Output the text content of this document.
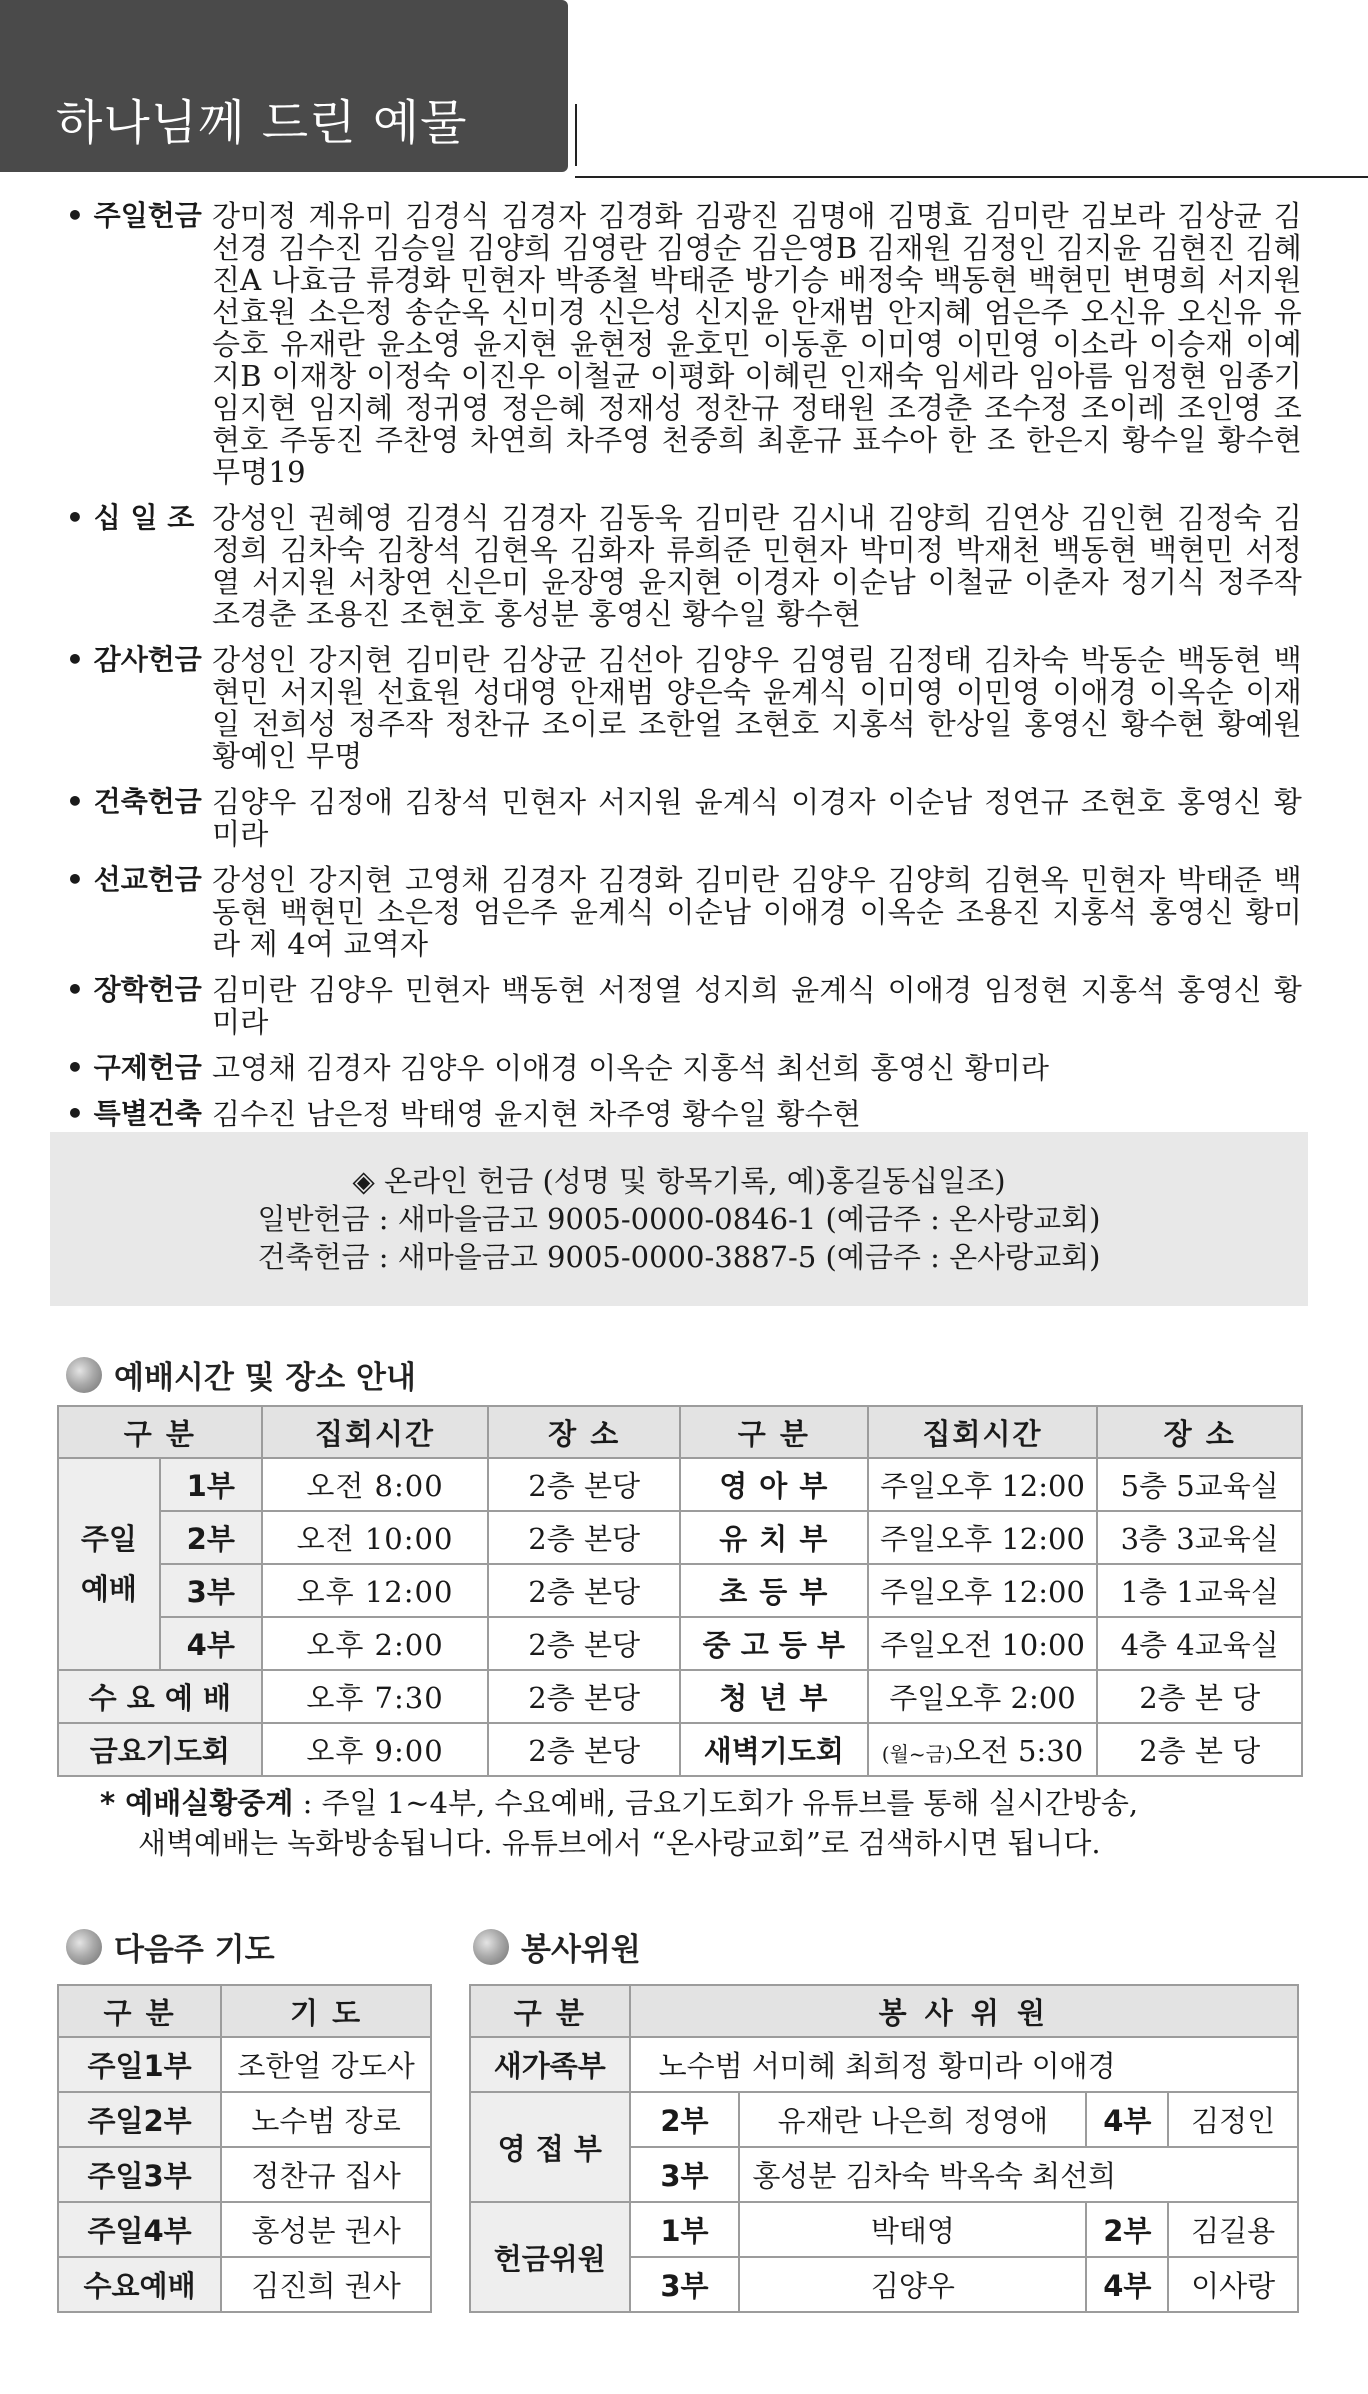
하나님께 드린 예물
• 주일헌금 강미정 계유미 김경식 김경자 김경화 김광진 김명애 김명효 김미란 김보라 김상균 김선경 김수진 김승일 김양희 김영란 김영순 김은영B 김재원 김정인 김지윤 김현진 김혜진A 나효금 류경화 민현자 박종철 박태준 방기승 배정숙 백동현 백현민 변명희 서지원 선효원 소은정 송순옥 신미경 신은성 신지윤 안재범 안지혜 엄은주 오신유 오신유 유승호 유재란 윤소영 윤지현 윤현정 윤호민 이동훈 이미영 이민영 이소라 이승재 이예지B 이재창 이정숙 이진우 이철균 이평화 이혜린 인재숙 임세라 임아름 임정현 임종기 임지현 임지혜 정귀영 정은혜 정재성 정찬규 정태원 조경춘 조수정 조이레 조인영 조현호 주동진 주찬영 차연희 차주영 천중희 최훈규 표수아 한 조 한은지 황수일 황수현 무명19
• 십 일 조 강성인 권혜영 김경식 김경자 김동욱 김미란 김시내 김양희 김연상 김인현 김정숙 김정희 김차숙 김창석 김현옥 김화자 류희준 민현자 박미정 박재천 백동현 백현민 서정열 서지원 서창연 신은미 윤장영 윤지현 이경자 이순남 이철균 이춘자 정기식 정주작 조경춘 조용진 조현호 홍성분 홍영신 황수일 황수현
• 감사헌금 강성인 강지현 김미란 김상균 김선아 김양우 김영림 김정태 김차숙 박동순 백동현 백현민 서지원 선효원 성대영 안재범 양은숙 윤계식 이미영 이민영 이애경 이옥순 이재일 전희성 정주작 정찬규 조이로 조한얼 조현호 지홍석 한상일 홍영신 황수현 황예원 황예인 무명
• 건축헌금 김양우 김정애 김창석 민현자 서지원 윤계식 이경자 이순남 정연규 조현호 홍영신 황미라
• 선교헌금 강성인 강지현 고영채 김경자 김경화 김미란 김양우 김양희 김현옥 민현자 박태준 백동현 백현민 소은정 엄은주 윤계식 이순남 이애경 이옥순 조용진 지홍석 홍영신 황미라 제 4여 교역자
• 장학헌금 김미란 김양우 민현자 백동현 서정열 성지희 윤계식 이애경 임정현 지홍석 홍영신 황미라
• 구제헌금 고영채 김경자 김양우 이애경 이옥순 지홍석 최선희 홍영신 황미라
• 특별건축 김수진 남은정 박태영 윤지현 차주영 황수일 황수현
◈ 온라인 헌금 (성명 및 항목기록, 예)홍길동십일조)
일반헌금 : 새마을금고 9005-0000-0846-1 (예금주 : 온사랑교회)
건축헌금 : 새마을금고 9005-0000-3887-5 (예금주 : 온사랑교회)
예배시간 및 장소 안내
구 분		집회시간	장 소	구 분	집회시간	장 소

주일
예배	1부	오전 8:00	2층 본당	영 아 부	주일오후 12:00	5층 5교육실
	2부	오전 10:00	2층 본당	유 치 부	주일오후 12:00	3층 3교육실
	3부	오후 12:00	2층 본당	초 등 부	주일오후 12:00	1층 1교육실
	4부	오후 2:00	2층 본당	중 고 등 부	주일오전 10:00	4층 4교육실
수 요 예 배		오후 7:30	2층 본당	청 년 부	주일오후 2:00	2층 본 당
금요기도회		오후 9:00	2층 본당	새벽기도회	(월~금)오전 5:30	2층 본 당
* 예배실황중계 : 주일 1~4부, 수요예배, 금요기도회가 유튜브를 통해 실시간방송,
새벽예배는 녹화방송됩니다. 유튜브에서 “온사랑교회”로 검색하시면 됩니다.
다음주 기도
구 분	기 도
주일1부	조한얼 강도사
주일2부	노수범 장로
주일3부	정찬규 집사
주일4부	홍성분 권사
수요예배	김진희 권사
봉사위원
구 분	봉 사 위 원			
새가족부	노수범 서미혜 최희정 황미라 이애경			
영 접 부	2부	유재란 나은희 정영애	4부	김정인
	3부	홍성분 김차숙 박옥숙 최선희		
헌금위원	1부	박태영	2부	김길용
	3부	김양우	4부	이사랑
